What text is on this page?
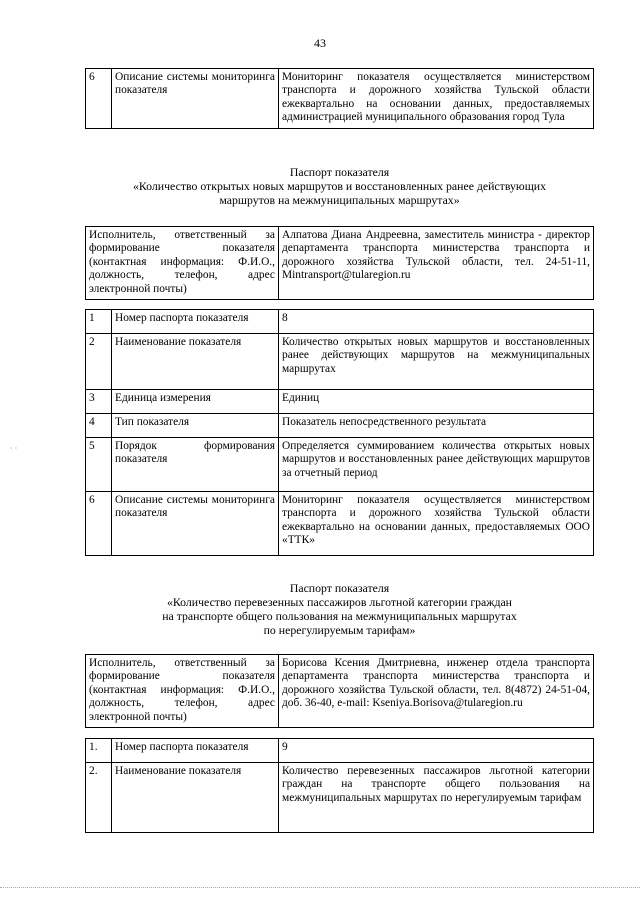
43
6	Описание системы мониторинга показателя	Мониторинг показателя осуществляется министерством транспорта и дорожного хозяйства Тульской области ежеквартально на основании данных, предоставляемых администрацией муниципального образования город Тула
Паспорт показателя
«Количество открытых новых маршрутов и восстановленных ранее действующих
маршрутов на межмуниципальных маршрутах»
Исполнитель, ответственный за формирование показателя (контактная информация: Ф.И.О., должность, телефон, адрес электронной почты)	Алпатова Диана Андреевна, заместитель министра - директор департамента транспорта министерства транспорта и дорожного хозяйства Тульской области, тел. 24-51-11, Mintransport@tularegion.ru
1	Номер паспорта показателя	8
2	Наименование показателя	Количество открытых новых маршрутов и восстановленных ранее действующих маршрутов на межмуниципальных маршрутах
3	Единица измерения	Единиц
4	Тип показателя	Показатель непосредственного результата
5	Порядок формирования показателя	Определяется суммированием количества открытых новых маршрутов и восстановленных ранее действующих маршрутов за отчетный период
6	Описание системы мониторинга показателя	Мониторинг показателя осуществляется министерством транспорта и дорожного хозяйства Тульской области ежеквартально на основании данных, предоставляемых ООО «ТТК»
Паспорт показателя
«Количество перевезенных пассажиров льготной категории граждан
на транспорте общего пользования на межмуниципальных маршрутах
по нерегулируемым тарифам»
Исполнитель, ответственный за формирование показателя (контактная информация: Ф.И.О., должность, телефон, адрес электронной почты)	Борисова Ксения Дмитриевна, инженер отдела транспорта департамента транспорта министерства транспорта и дорожного хозяйства Тульской области, тел. 8(4872) 24-51-04, доб. 36-40, e-mail: Kseniya.Borisova@tularegion.ru
1.	Номер паспорта показателя	9
2.	Наименование показателя	Количество перевезенных пассажиров льготной категории граждан на транспорте общего пользования на межмуниципальных маршрутах по нерегулируемым тарифам
· ·
